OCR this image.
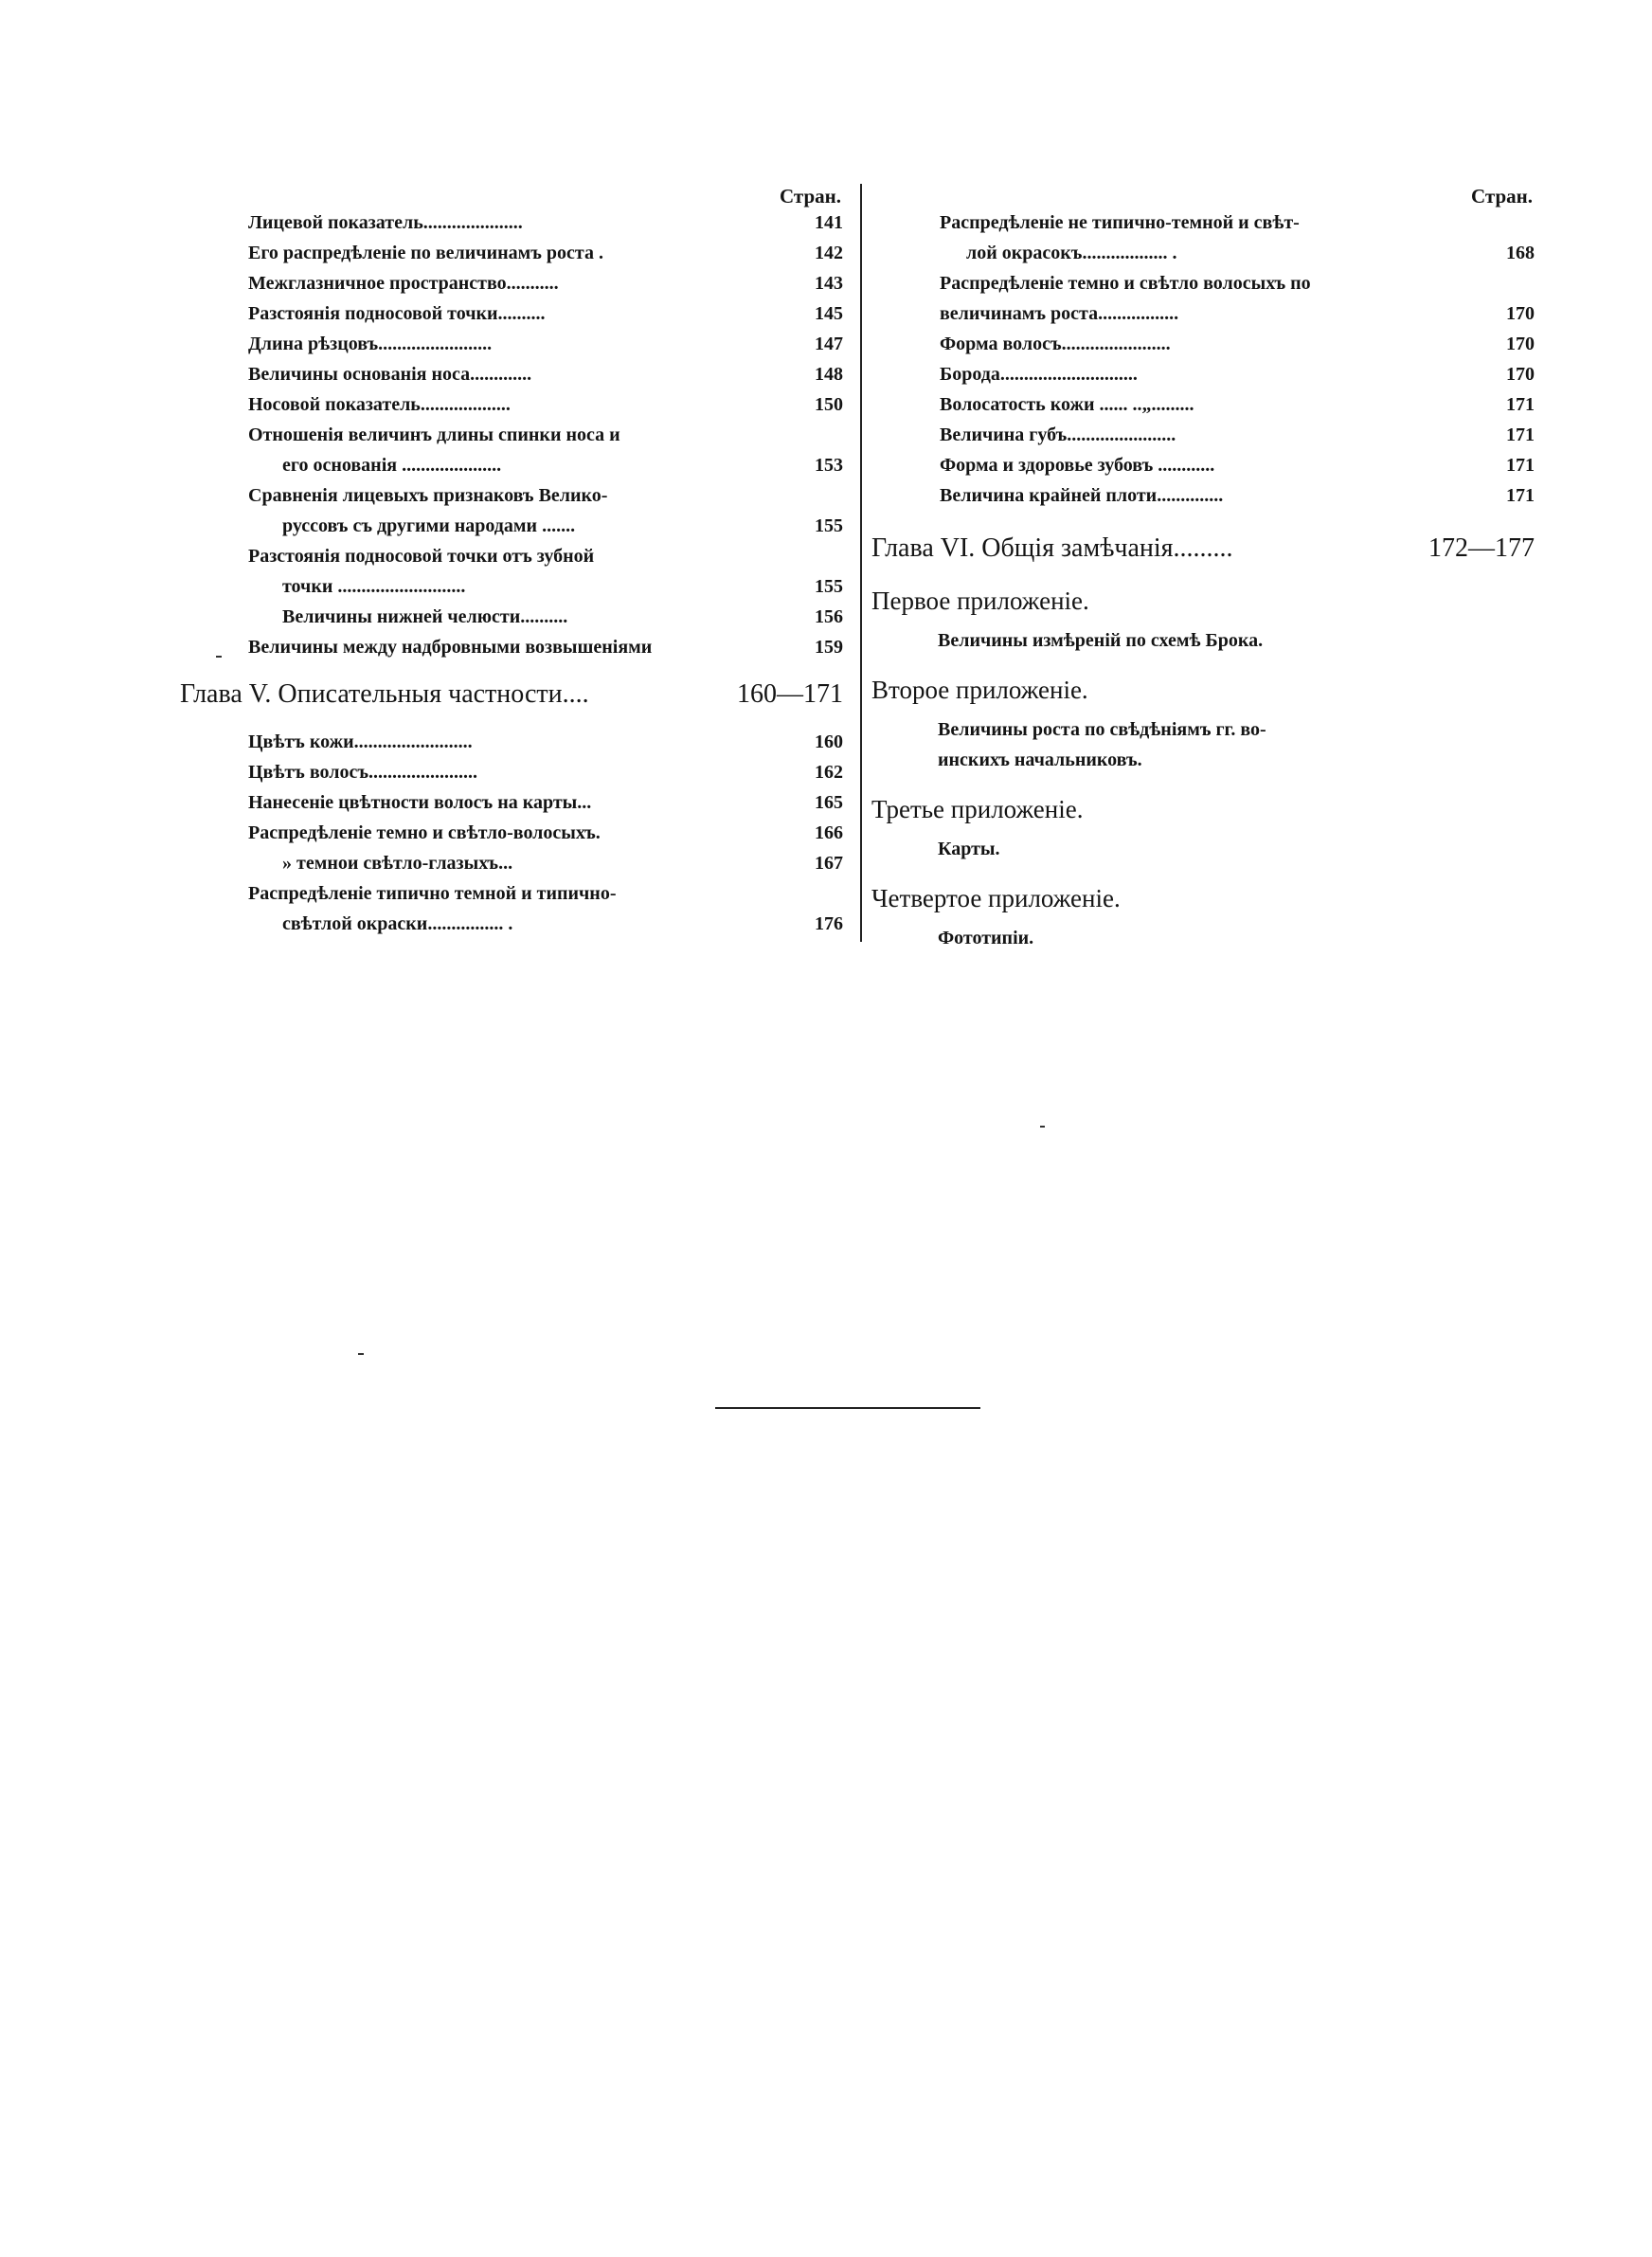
Стран.
Лицевой показатель.....................	141
Его распредѣленіе по величинамъ роста .	142
Межглазничное пространство...........	143
Разстоянія подносовой точки..........	145
Длина рѣзцовъ........................	147
Величины основанія носа.............	148
Носовой показатель...................	150
Отношенія величинъ длины спинки носа и
его основанія .....................	153
Сравненія лицевыхъ признаковъ Велико-
руссовъ съ другими народами .......	155
Разстоянія подносовой точки отъ зубной
точки ...........................	155
Величины нижней челюсти..........	156
Величины между надбровными возвышеніями	159
Глава V. Описательныя частности....	160—171
Цвѣтъ кожи.........................	160
Цвѣтъ волосъ.......................	162
Нанесеніе цвѣтности волосъ на карты...	165
Распредѣленіе темно и свѣтло-волосыхъ.	166
» темнои свѣтло-глазыхъ...	167
Распредѣленіе типично темной и типично-
свѣтлой окраски................ .	176
Стран.
Распредѣленіе не типично-темной и свѣт-
лой окрасокъ.................. .	168
Распредѣленіе темно и свѣтло волосыхъ по
величинамъ роста.................	170
Форма волосъ.......................	170
Борода.............................	170
Волосатость кожи ...... ..„.........	171
Величина губъ.......................	171
Форма и здоровье зубовъ ............	171
Величина крайней плоти..............	171
Глава VI. Общія замѣчанія.........	172—177
Первое приложеніе.
Величины измѣреній по схемѣ Брока.
Второе приложеніе.
Величины роста по свѣдѣніямъ гг. во-
инскихъ начальниковъ.
Третье приложеніе.
Карты.
Четвертое приложеніе.
Фототипіи.
